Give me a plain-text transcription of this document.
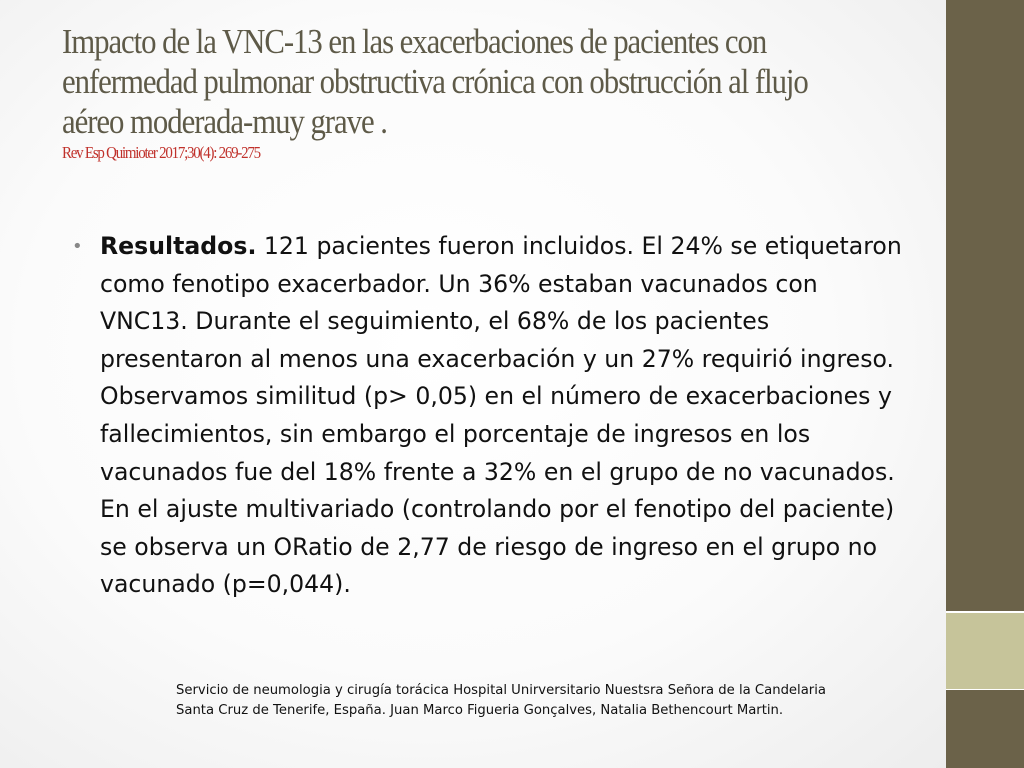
Impacto de la VNC-13 en las exacerbaciones de pacientes con enfermedad pulmonar obstructiva crónica con obstrucción al flujo aéreo moderada-muy grave .
Rev Esp Quimioter 2017;30(4): 269-275
• Resultados. 121 pacientes fueron incluidos. El 24% se etiquetaron como fenotipo exacerbador. Un 36% estaban vacunados con VNC13. Durante el seguimiento, el 68% de los pacientes presentaron al menos una exacerbación y un 27% requirió ingreso. Observamos similitud (p> 0,05) en el número de exacerbaciones y fallecimientos, sin embargo el porcentaje de ingresos en los vacunados fue del 18% frente a 32% en el grupo de no vacunados. En el ajuste multivariado (controlando por el fenotipo del paciente) se observa un ORatio de 2,77 de riesgo de ingreso en el grupo no vacunado (p=0,044).

Servicio de neumologia y cirugía torácica Hospital Unirversitario Nuestsra Señora de la Candelaria
Santa Cruz de Tenerife, España. Juan Marco Figueria Gonçalves, Natalia Bethencourt Martin.
